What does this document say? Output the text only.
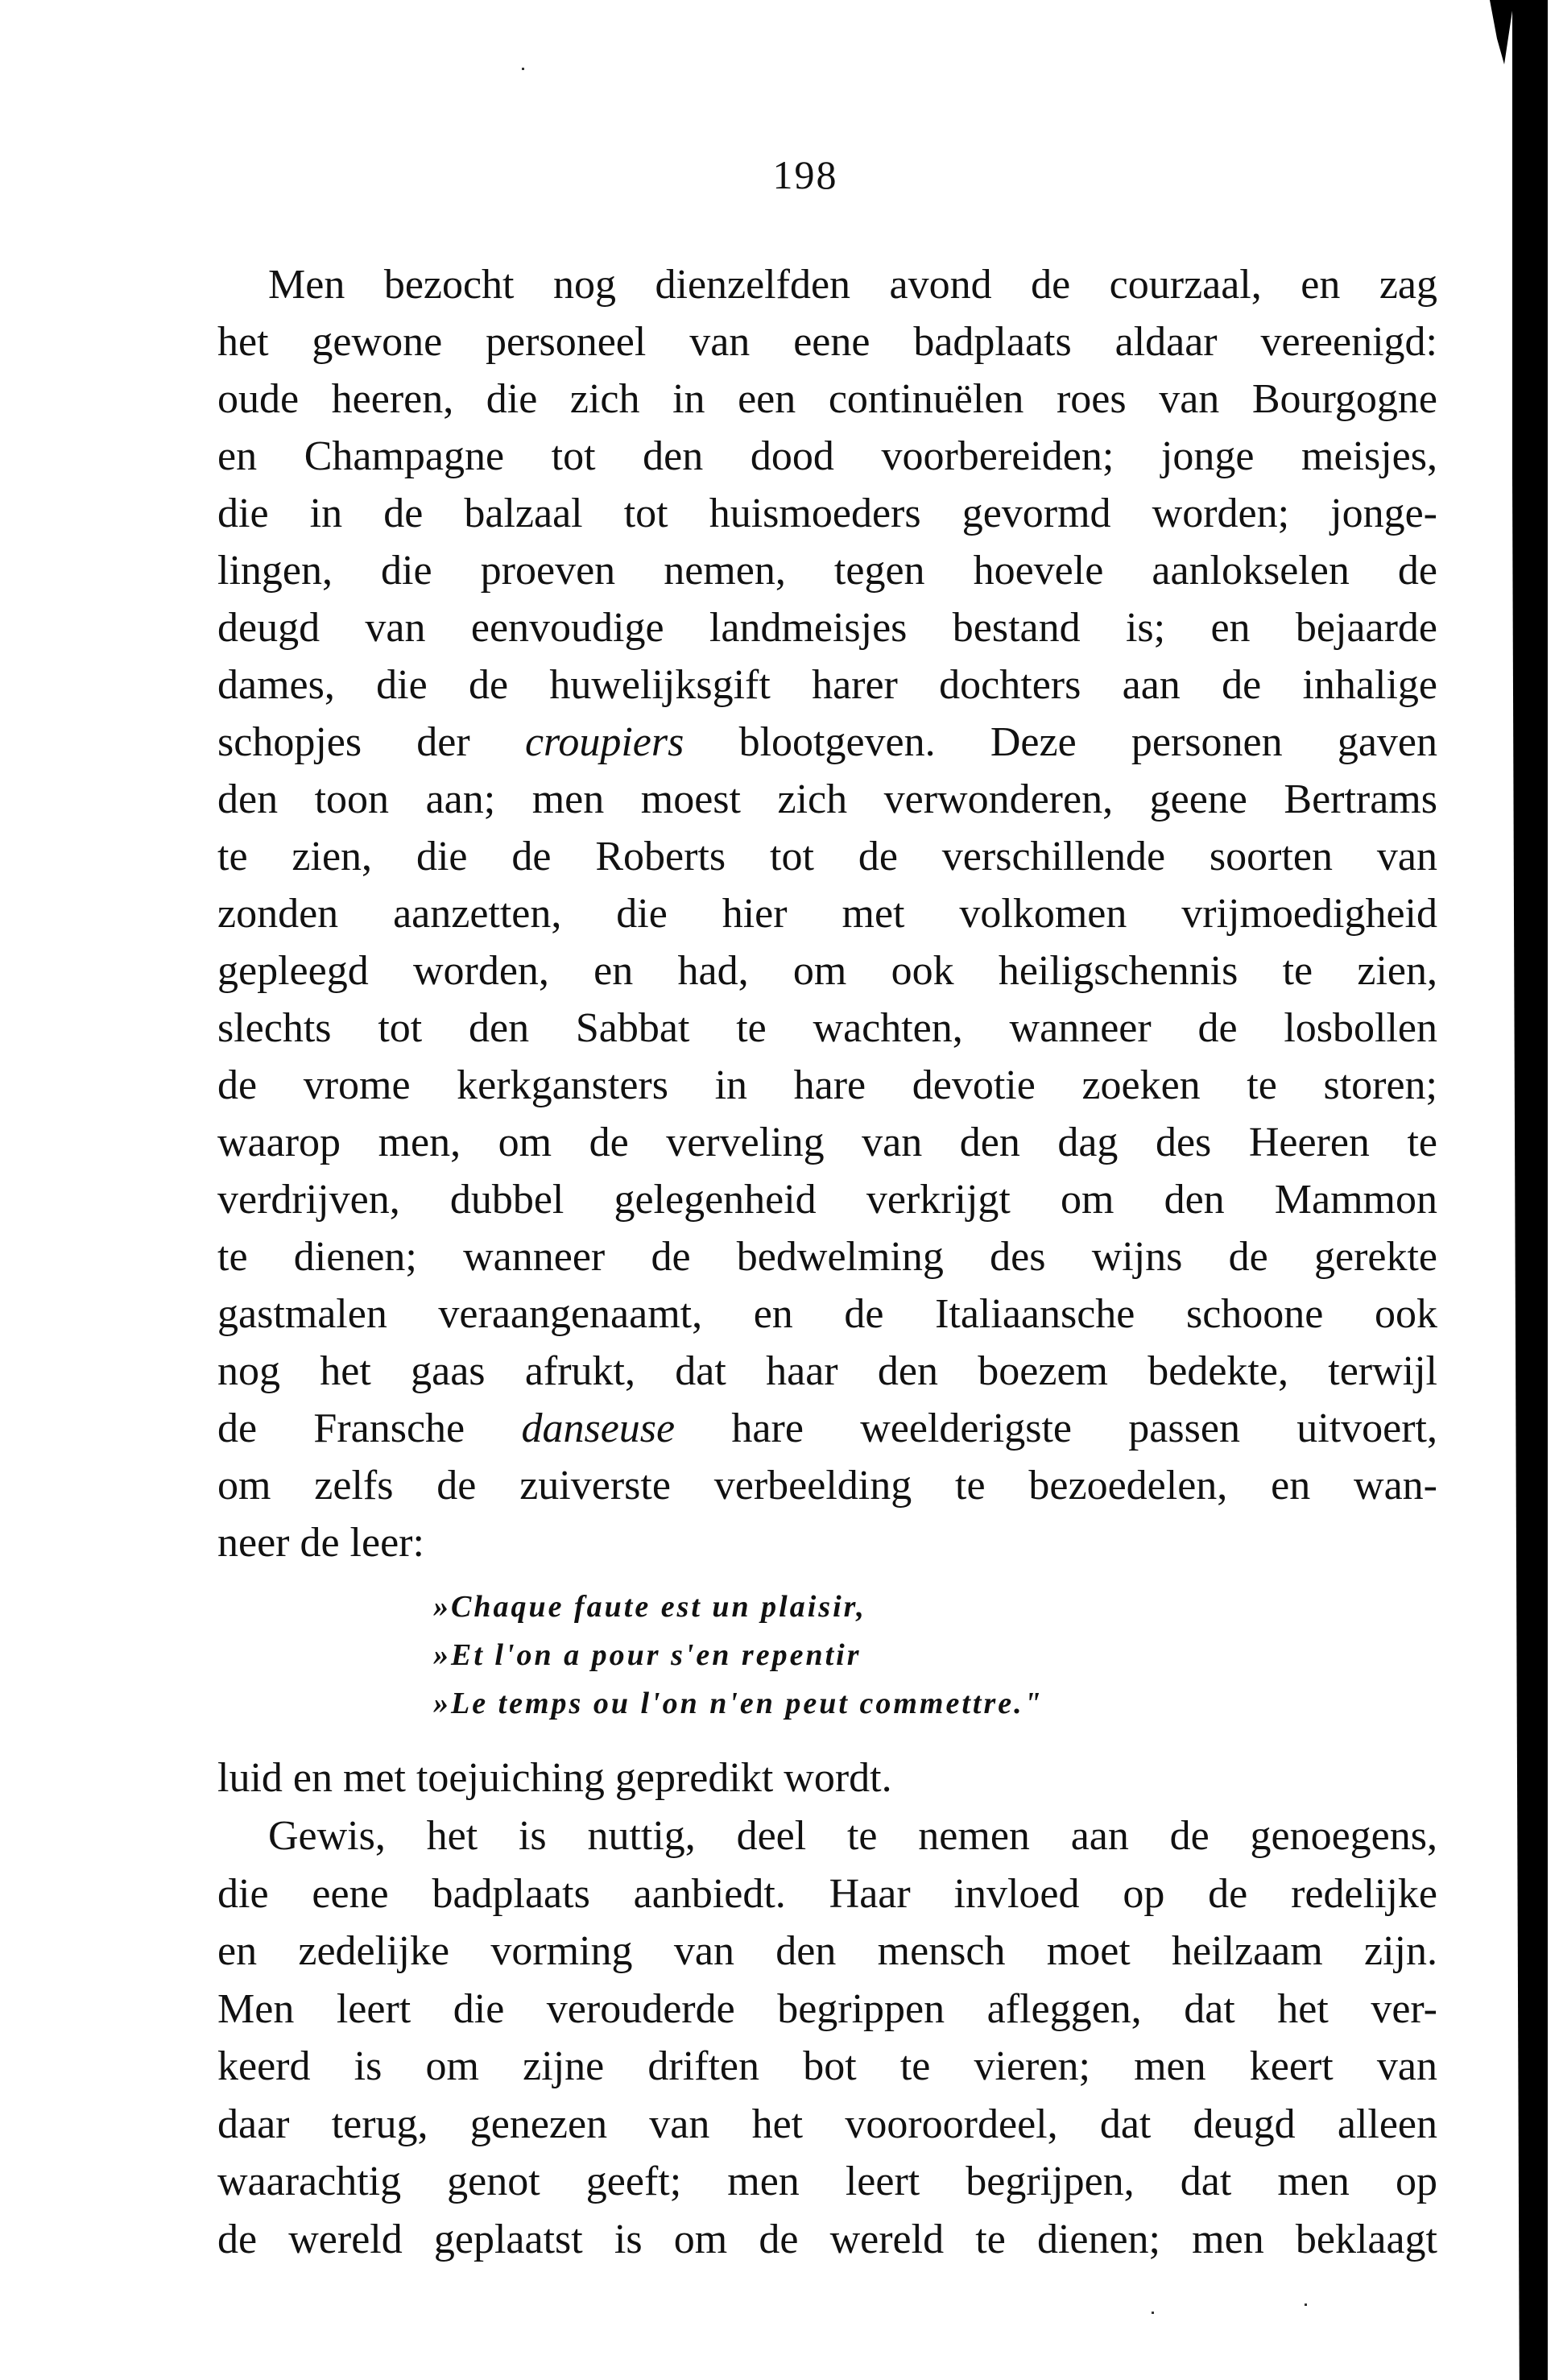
198
Men bezocht nog dienzelfden avond de courzaal, en zag
het gewone personeel van eene badplaats aldaar vereenigd:
oude heeren, die zich in een continuëlen roes van Bourgogne
en Champagne tot den dood voorbereiden; jonge meisjes,
die in de balzaal tot huismoeders gevormd worden; jonge-
lingen, die proeven nemen, tegen hoevele aanlokselen de
deugd van eenvoudige landmeisjes bestand is; en bejaarde
dames, die de huwelijksgift harer dochters aan de inhalige
schopjes der croupiers blootgeven. Deze personen gaven
den toon aan; men moest zich verwonderen, geene Bertrams
te zien, die de Roberts tot de verschillende soorten van
zonden aanzetten, die hier met volkomen vrijmoedigheid
gepleegd worden, en had, om ook heiligschennis te zien,
slechts tot den Sabbat te wachten, wanneer de losbollen
de vrome kerkgansters in hare devotie zoeken te storen;
waarop men, om de verveling van den dag des Heeren te
verdrijven, dubbel gelegenheid verkrijgt om den Mammon
te dienen; wanneer de bedwelming des wijns de gerekte
gastmalen veraangenaamt, en de Italiaansche schoone ook
nog het gaas afrukt, dat haar den boezem bedekte, terwijl
de Fransche danseuse hare weelderigste passen uitvoert,
om zelfs de zuiverste verbeelding te bezoedelen, en wan-
neer de leer:
»Chaque faute est un plaisir,
»Et l'on a pour s'en repentir
»Le temps ou l'on n'en peut commettre."
luid en met toejuiching gepredikt wordt.
Gewis, het is nuttig, deel te nemen aan de genoegens,
die eene badplaats aanbiedt. Haar invloed op de redelijke
en zedelijke vorming van den mensch moet heilzaam zijn.
Men leert die verouderde begrippen afleggen, dat het ver-
keerd is om zijne driften bot te vieren; men keert van
daar terug, genezen van het vooroordeel, dat deugd alleen
waarachtig genot geeft; men leert begrijpen, dat men op
de wereld geplaatst is om de wereld te dienen; men beklaagt
